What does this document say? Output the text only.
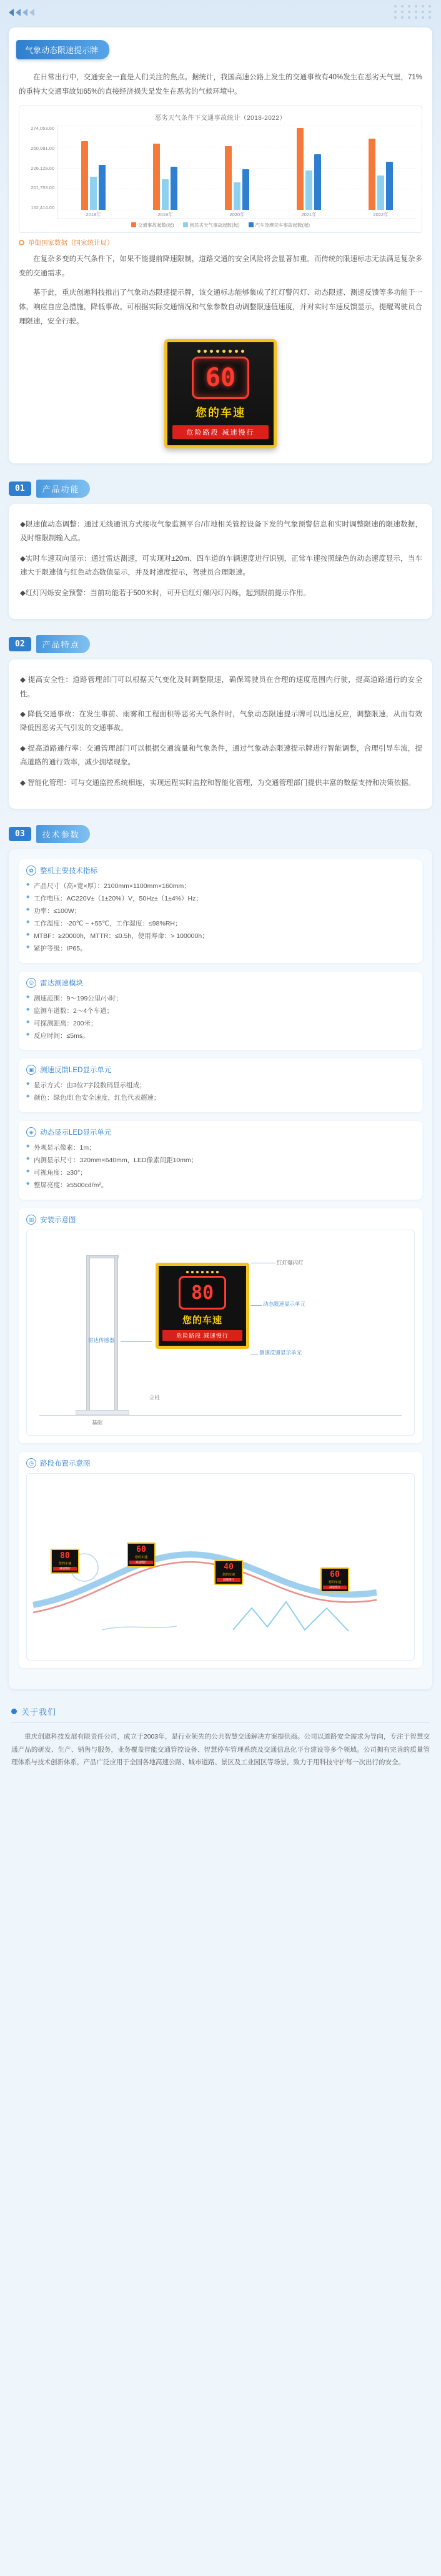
气象动态限速提示牌

在日常出行中，交通安全一直是人们关注的焦点。据统计，我国高速公路上发生的交通事故有40%发生在恶劣天气里，71%的重特大交通事故如65%的直接经济损失是发生在恶劣的气候环境中。

恶劣天气条件下交通事故统计（2018-2022）
274,053.00
250,091.00
226,129.00
201,753.00
152,414.00
2018年	2019年	2020年	2021年	2022年
交通事故起数(起)	因恶劣天气事故起数(起)	汽车及摩托车事故起数(起)
单街国家数据（国家统计局）

在复杂多变的天气条件下，如果不能提前降速限制，道路交通的安全风险将会显著加重。而传统的限速标志无法满足复杂多变的交通需求。

基于此，重庆创遨科技推出了气象动态限速提示牌，该交通标志能够集成了红灯警闪灯、动态限速、测速反馈等多功能于一体，响应自应急措施，降低事故。可根据实际交通情况和气象参数自动调整限速值速度，并对实时车速反馈显示，提醒驾驶员合理限速，安全行驶。

60
您的车速
危险路段 减速慢行
01	产品功能
◆限速值动态调整：通过无线通讯方式接收气象监测平台/市地相关管控设备下发的气象预警信息和实时调整限速的限速数据，及时维限制输入点。
◆实时车速双向显示：通过雷达测速，可实现对±20m、四车道的车辆速度进行识别，正常车速按照绿色的动态速度显示，当车速大于限速值与红色动态数值显示，并及时速度提示，驾驶员合理限速。
◆红灯闪烁安全预警：当前功能若于500米时，可开启红灯爆闪灯闪烁，起到跟前提示作用。
02	产品特点
◆ 提高安全性：道路管理部门可以根据天气变化及时调整限速，确保驾驶员在合理的速度范围内行驶，提高道路通行的安全性。
◆ 降低交通事故：在发生事前、雨雾和工程面积等恶劣天气条件时，气象动态限速提示牌可以迅速反应，调整限速，从而有效降低因恶劣天气引发的交通事故。
◆ 提高道路通行率：交通管理部门可以根据交通流量和气象条件，通过气象动态限速提示牌进行智能调整，合理引导车流，提高道路的通行效率，减少拥堵现象。
◆ 智能化管理：可与交通监控系统相连，实现远程实时监控和智能化管理，为交通管理部门提供丰富的数据支持和决策依据。
03	技术参数
✿ 整机主要技术指标
◆ 产品尺寸（高×宽×厚）：2100mm×1100mm×160mm；
◆ 工作电压：AC220V±（1±20%）V，50Hz±（1±4%）Hz；
◆ 功率：≤100W；
◆ 工作温度：-20℃ ~ +55℃，工作湿度：≤98%RH；
◆ MTBF：≥20000h，MTTR：≤0.5h，使用寿命：> 100000h；
◆ 紧护等级：IP65。
◎ 雷达测速模块
◆ 测速范围：9～199公里/小时；
◆ 监测车道数：2～4个车道；
◆ 可探测距离：200米；
◆ 反应时间：≤5ms。
▣ 测速反馈LED显示单元
◆ 显示方式：由3位7字段数码显示组成；
◆ 颜色：绿色/红色安全速度，红色代表超速；
◈ 动态显示LED显示单元
◆ 外观显示像素：1m；
◆ 内测显示尺寸：320mm×640mm，LED像素间距10mm；
◆ 可视角度：≥30°；
◆ 整屏亮度：≥5500cd/m²。
▥ 安装示意图
80
您的车速
危险路段 减速慢行
红灯爆闪灯
动态限速显示单元
雷达传感器
测速反馈显示单元
立柱
基础
◷ 路段布置示意图
80
您的车速
减速慢行
60
您的车速
减速慢行
40
您的车速
减速慢行
60
您的车速
减速慢行
关于我们

重庆创遨科技发展有限责任公司，成立于2003年，是行业领先的公共智慧交通解决方案提供商。公司以道路安全需求为导向，专注于智慧交通产品的研发、生产、销售与服务，业务覆盖智能交通管控设备、智慧停车管理系统及交通信息化平台建设等多个领域。公司拥有完善的质量管理体系与技术创新体系，产品广泛应用于全国各地高速公路、城市道路、景区及工业园区等场景，致力于用科技守护每一次出行的安全。
